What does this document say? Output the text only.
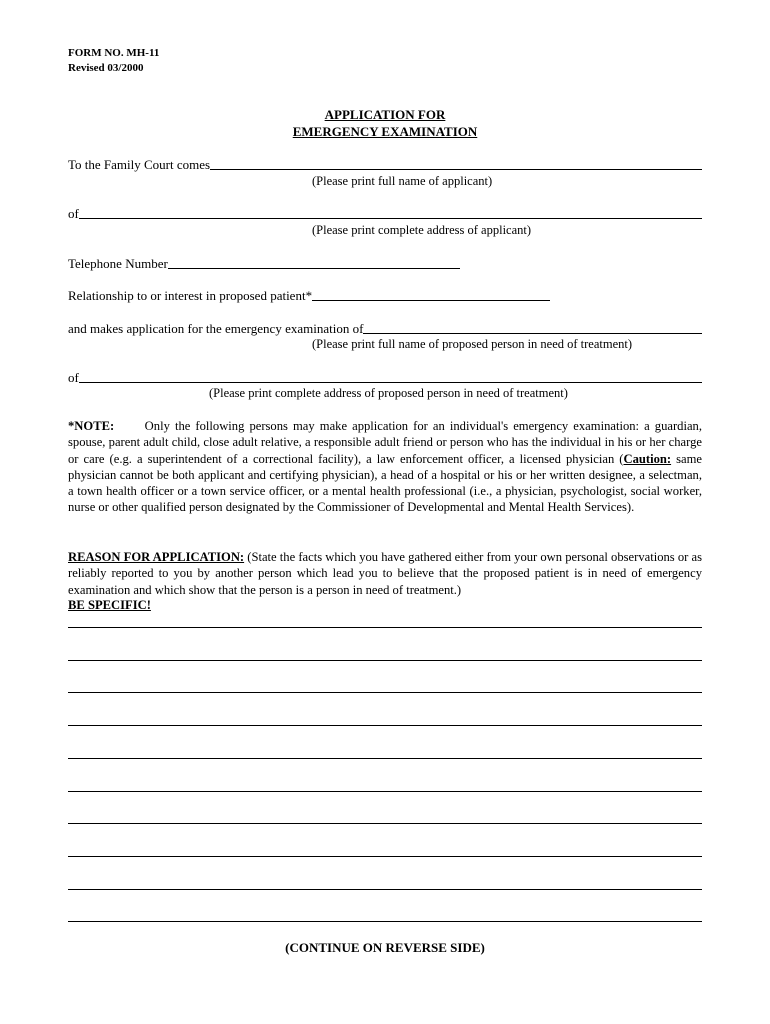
FORM NO. MH-11
Revised 03/2000
APPLICATION FOR
EMERGENCY EXAMINATION
To the Family Court comes
(Please print full name of applicant)
of
(Please print complete address of applicant)
Telephone Number
Relationship to or interest in proposed patient*
and makes application for the emergency examination of
(Please print full name of proposed person in need of treatment)
of
(Please print complete address of proposed person in need of treatment)

*NOTE: Only the following persons may make application for an individual's emergency examination: a guardian, spouse, parent adult child, close adult relative, a responsible adult friend or person who has the individual in his or her charge or care (e.g. a superintendent of a correctional facility), a law enforcement officer, a licensed physician (Caution: same physician cannot be both applicant and certifying physician), a head of a hospital or his or her written designee, a selectman, a town health officer or a town service officer, or a mental health professional (i.e., a physician, psychologist, social worker, nurse or other qualified person designated by the Commissioner of Developmental and Mental Health Services).

REASON FOR APPLICATION: (State the facts which you have gathered either from your own personal observations or as reliably reported to you by another person which lead you to believe that the proposed patient is in need of emergency examination and which show that the person is a person in need of treatment.)

BE SPECIFIC!
(CONTINUE ON REVERSE SIDE)
